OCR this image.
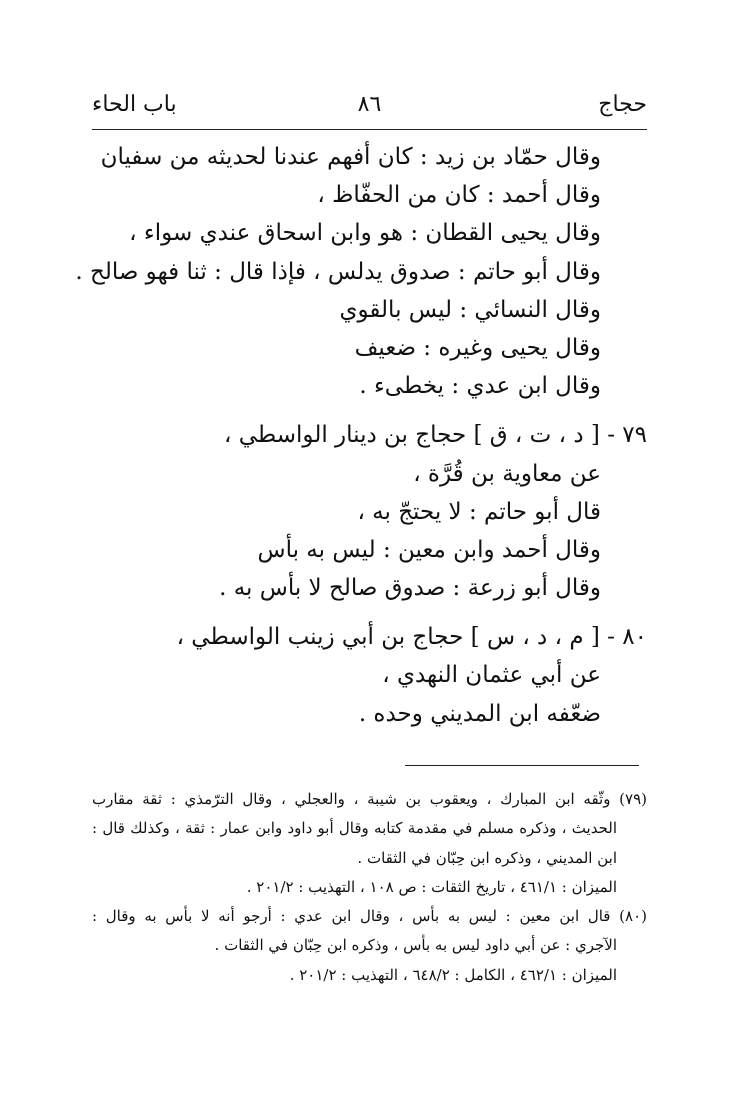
حجاج
٨٦
باب الحاء
وقال حمّاد بن زيد : كان أفهم عندنا لحديثه من سفيان
وقال أحمد : كان من الحفّاظ ،
وقال يحيى القطان : هو وابن اسحاق عندي سواء ،
وقال أبو حاتم : صدوق يدلس ، فإذا قال : ثنا فهو صالح .
وقال النسائي : ليس بالقوي
وقال يحيى وغيره : ضعيف
وقال ابن عدي : يخطىء .
٧٩ - [ د ، ت ، ق ] حجاج بن دينار الواسطي ،
عن معاوية بن قُرَّة ،
قال أبو حاتم : لا يحتجّ به ،
وقال أحمد وابن معين : ليس به بأس
وقال أبو زرعة : صدوق صالح لا بأس به .
٨٠ - [ م ، د ، س ] حجاج بن أبي زينب الواسطي ،
عن أبي عثمان النهدي ،
ضعّفه ابن المديني وحده .
(٧٩) وثّقه ابن المبارك ، ويعقوب بن شيبة ، والعجلي ، وقال الترّمذي : ثقة مقارب
الحديث ، وذكره مسلم في مقدمة كتابه وقال أبو داود وابن عمار : ثقة ، وكذلك قال :
ابن المديني ، وذكره ابن حِبّان في الثقات .
الميزان : ٤٦١/١ ، تاريخ الثقات : ص ١٠٨ ، التهذيب : ٢٠١/٢ .
(٨٠) قال ابن معين : ليس به بأس ، وقال ابن عدي : أرجو أنه لا بأس به وقال :
الآجري : عن أبي داود ليس به بأس ، وذكره ابن حِبّان في الثقات .
الميزان : ٤٦٢/١ ، الكامل : ٦٤٨/٢ ، التهذيب : ٢٠١/٢ .
